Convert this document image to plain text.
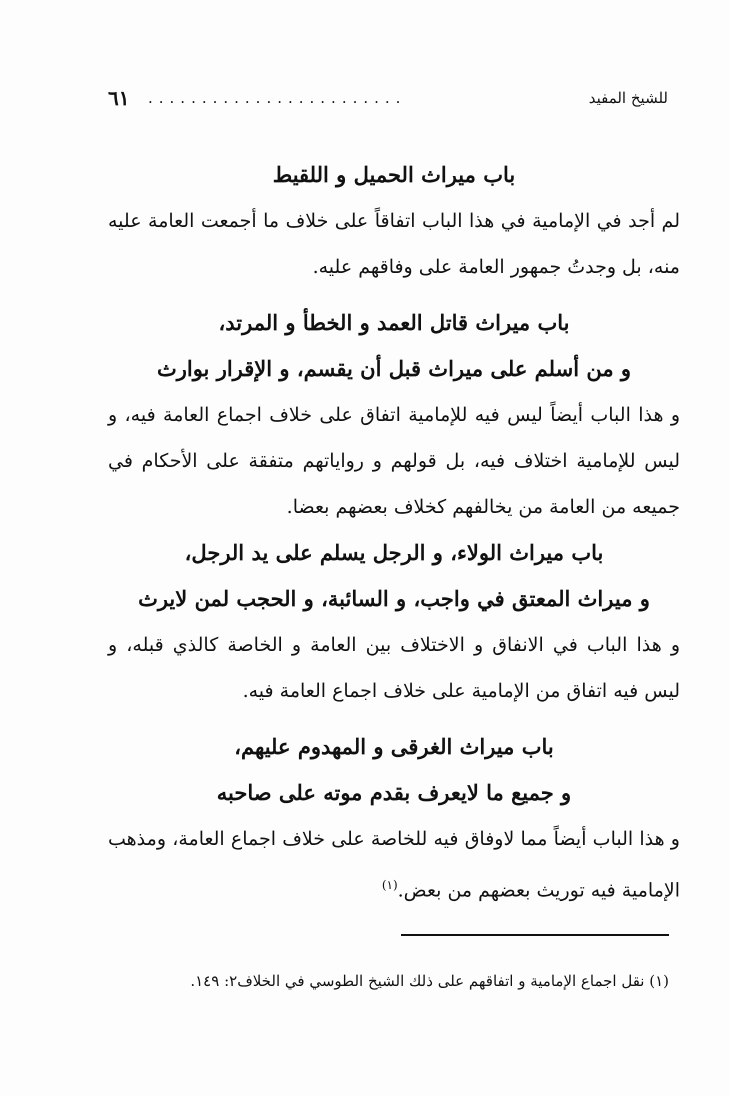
٦١ ........................	للشيخ المفيد
باب ميراث الحميل و اللقيط

لم أجد في الإمامية في هذا الباب اتفاقاً على خلاف ما أجمعت العامة عليه منه، بل وجدتُ جمهور العامة على وفاقهم عليه.

باب ميراث قاتل العمد و الخطأ و المرتد،
و من أسلم على ميراث قبل أن يقسم، و الإقرار بوارث

و هذا الباب أيضاً ليس فيه للإمامية اتفاق على خلاف اجماع العامة فيه، و ليس للإمامية اختلاف فيه، بل قولهم و رواياتهم متفقة على الأحكام في جميعه من العامة من يخالفهم كخلاف بعضهم بعضا.

باب ميراث الولاء، و الرجل يسلم على يد الرجل،
و ميراث المعتق في واجب، و السائبة، و الحجب لمن لايرث

و هذا الباب في الانفاق و الاختلاف بين العامة و الخاصة كالذي قبله، و ليس فيه اتفاق من الإمامية على خلاف اجماع العامة فيه.

باب ميراث الغرقى و المهدوم عليهم،
و جميع ما لايعرف بقدم موته على صاحبه

و هذا الباب أيضاً مما لاوفاق فيه للخاصة على خلاف اجماع العامة، ومذهب الإمامية فيه توريث بعضهم من بعض.$^{(١)}$

(١) نقل اجماع الإمامية و اتفاقهم على ذلك الشيخ الطوسي في الخلاف٢: ١٤٩.
